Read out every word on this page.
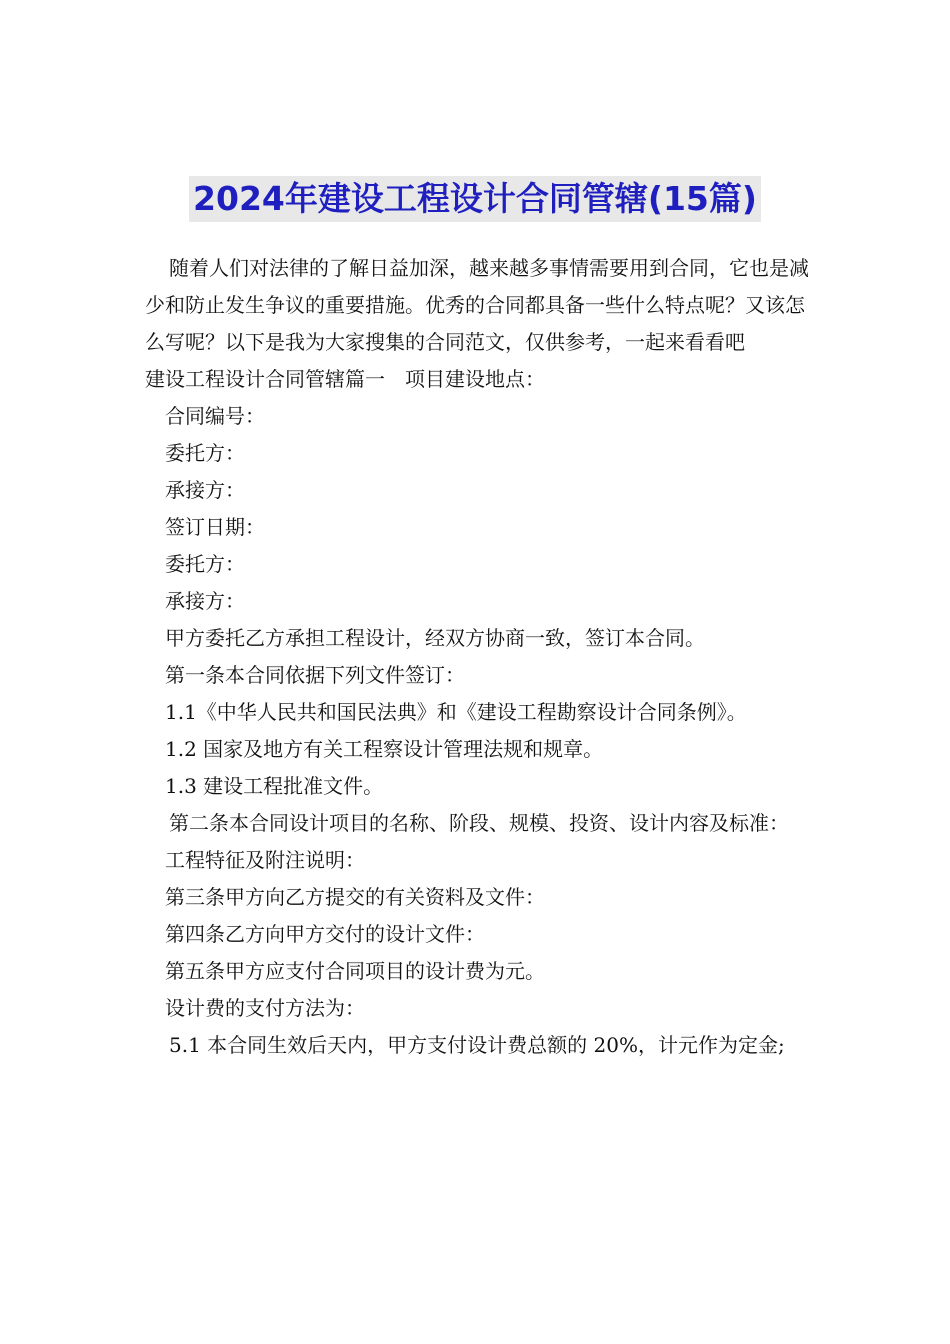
2024年建设工程设计合同管辖(15篇)

随着人们对法律的了解日益加深，越来越多事情需要用到合同，它也是减少和防止发生争议的重要措施。优秀的合同都具备一些什么特点呢？又该怎么写呢？以下是我为大家搜集的合同范文，仅供参考，一起来看看吧

建设工程设计合同管辖篇一　项目建设地点：

合同编号：

委托方：

承接方：

签订日期：

委托方：

承接方：

甲方委托乙方承担工程设计，经双方协商一致，签订本合同。

第一条本合同依据下列文件签订：

1.1《中华人民共和国民法典》和《建设工程勘察设计合同条例》。

1.2 国家及地方有关工程察设计管理法规和规章。

1.3 建设工程批准文件。

第二条本合同设计项目的名称、阶段、规模、投资、设计内容及标准：

工程特征及附注说明：

第三条甲方向乙方提交的有关资料及文件：

第四条乙方向甲方交付的设计文件：

第五条甲方应支付合同项目的设计费为元。

设计费的支付方法为：

5.1 本合同生效后天内，甲方支付设计费总额的 20%，计元作为定金;
